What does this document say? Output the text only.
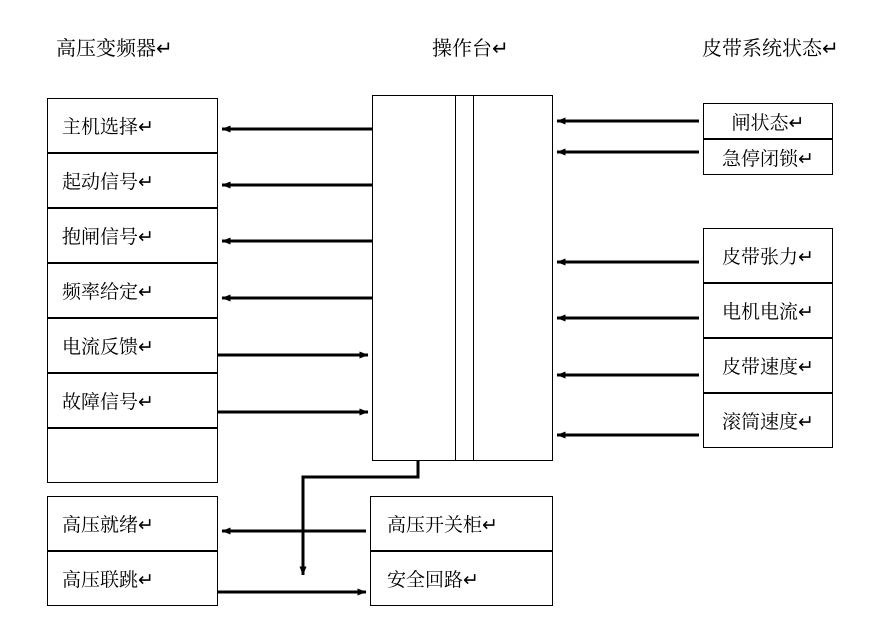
高压变频器↵	操作台↵	皮带系统状态↵
主机选择↵
起动信号↵
抱闸信号↵
频率给定↵
电流反馈↵
故障信号↵
高压就绪↵
高压联跳↵
高压开关柜↵
安全回路↵
闸状态↵
急停闭锁↵
皮带张力↵
电机电流↵
皮带速度↵
滚筒速度↵
